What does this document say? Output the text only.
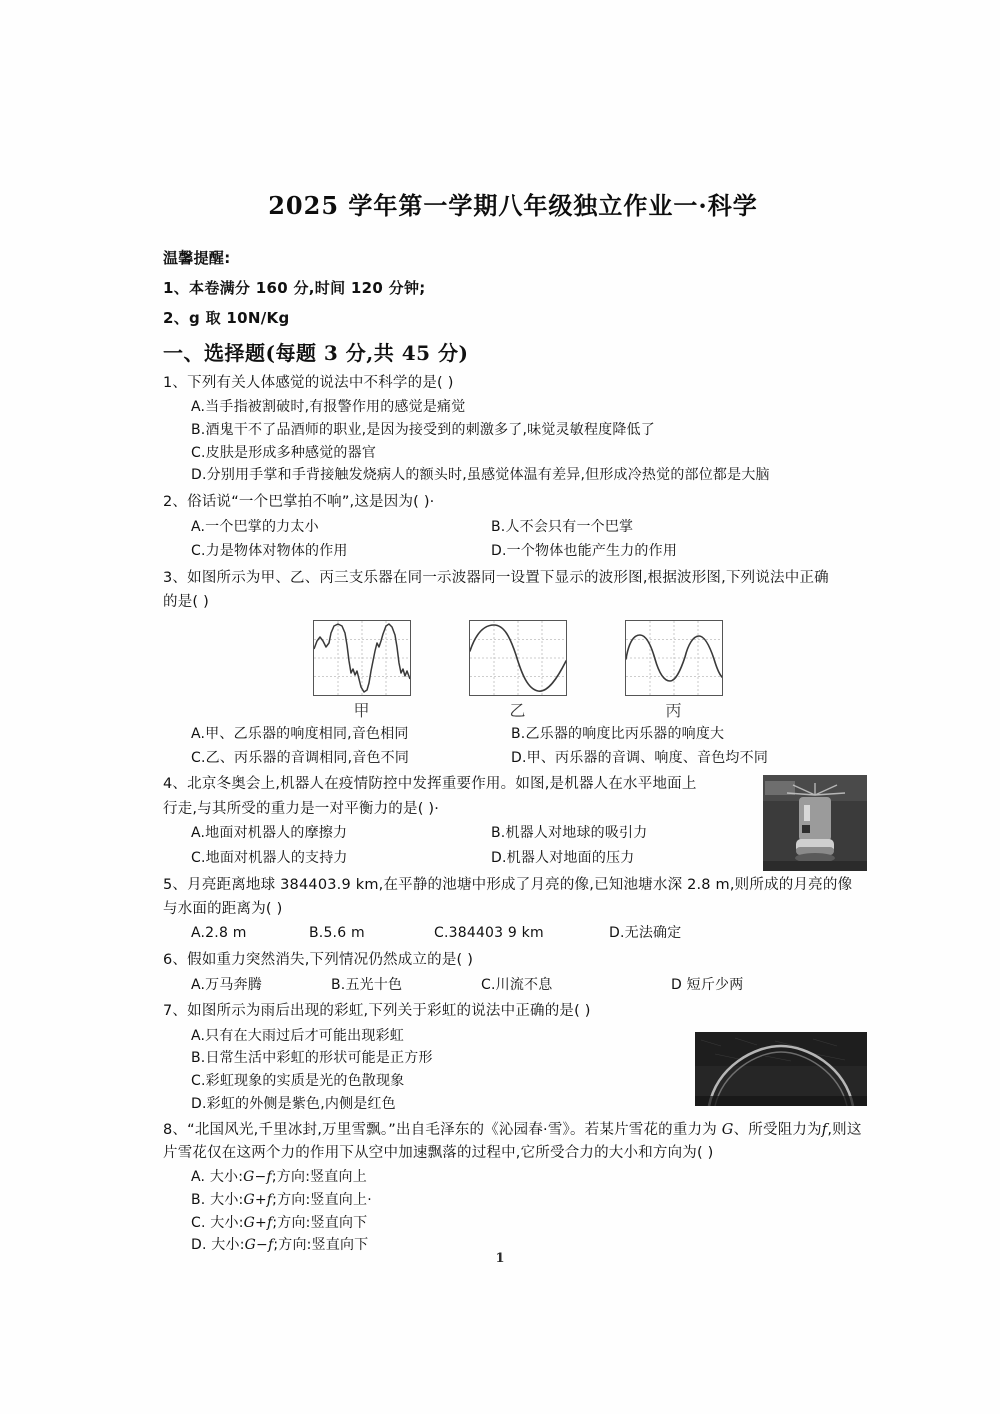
2025 学年第一学期八年级独立作业一·科学
温馨提醒:
1、本卷满分 160 分,时间 120 分钟;
2、g 取 10N/Kg
一、选择题(每题 3 分,共 45 分)
1、下列有关人体感觉的说法中不科学的是( )
A.当手指被割破时,有报警作用的感觉是痛觉
B.酒鬼干不了品酒师的职业,是因为接受到的刺激多了,味觉灵敏程度降低了
C.皮肤是形成多种感觉的器官
D.分别用手掌和手背接触发烧病人的额头时,虽感觉体温有差异,但形成冷热觉的部位都是大脑
2、俗话说“一个巴掌拍不响”,这是因为( )·
A.一个巴掌的力太小	B.人不会只有一个巴掌
C.力是物体对物体的作用	D.一个物体也能产生力的作用
3、如图所示为甲、乙、丙三支乐器在同一示波器同一设置下显示的波形图,根据波形图,下列说法中正确
的是( )
甲	乙	丙
A.甲、乙乐器的响度相同,音色相同	B.乙乐器的响度比丙乐器的响度大
C.乙、丙乐器的音调相同,音色不同	D.甲、丙乐器的音调、响度、音色均不同
4、北京冬奥会上,机器人在疫情防控中发挥重要作用。如图,是机器人在水平地面上
行走,与其所受的重力是一对平衡力的是( )·
A.地面对机器人的摩擦力	B.机器人对地球的吸引力
C.地面对机器人的支持力	D.机器人对地面的压力
5、月亮距离地球 384403.9 km,在平静的池塘中形成了月亮的像,已知池塘水深 2.8 m,则所成的月亮的像
与水面的距离为( )
A.2.8 m	B.5.6 m	C.384403 9 km	D.无法确定
6、假如重力突然消失,下列情况仍然成立的是( )
A.万马奔腾	B.五光十色	C.川流不息	D 短斤少两
7、如图所示为雨后出现的彩虹,下列关于彩虹的说法中正确的是( )
A.只有在大雨过后才可能出现彩虹
B.日常生活中彩虹的形状可能是正方形
C.彩虹现象的实质是光的色散现象
D.彩虹的外侧是紫色,内侧是红色
8、“北国风光,千里冰封,万里雪飘。”出自毛泽东的《沁园春·雪》。若某片雪花的重力为 G、所受阻力为f,则这片雪花仅在这两个力的作用下从空中加速飘落的过程中,它所受合力的大小和方向为( )
A. 大小:G−f;方向:竖直向上
B. 大小:G+f;方向:竖直向上·
C. 大小:G+f;方向:竖直向下
D. 大小:G−f;方向:竖直向下
1
